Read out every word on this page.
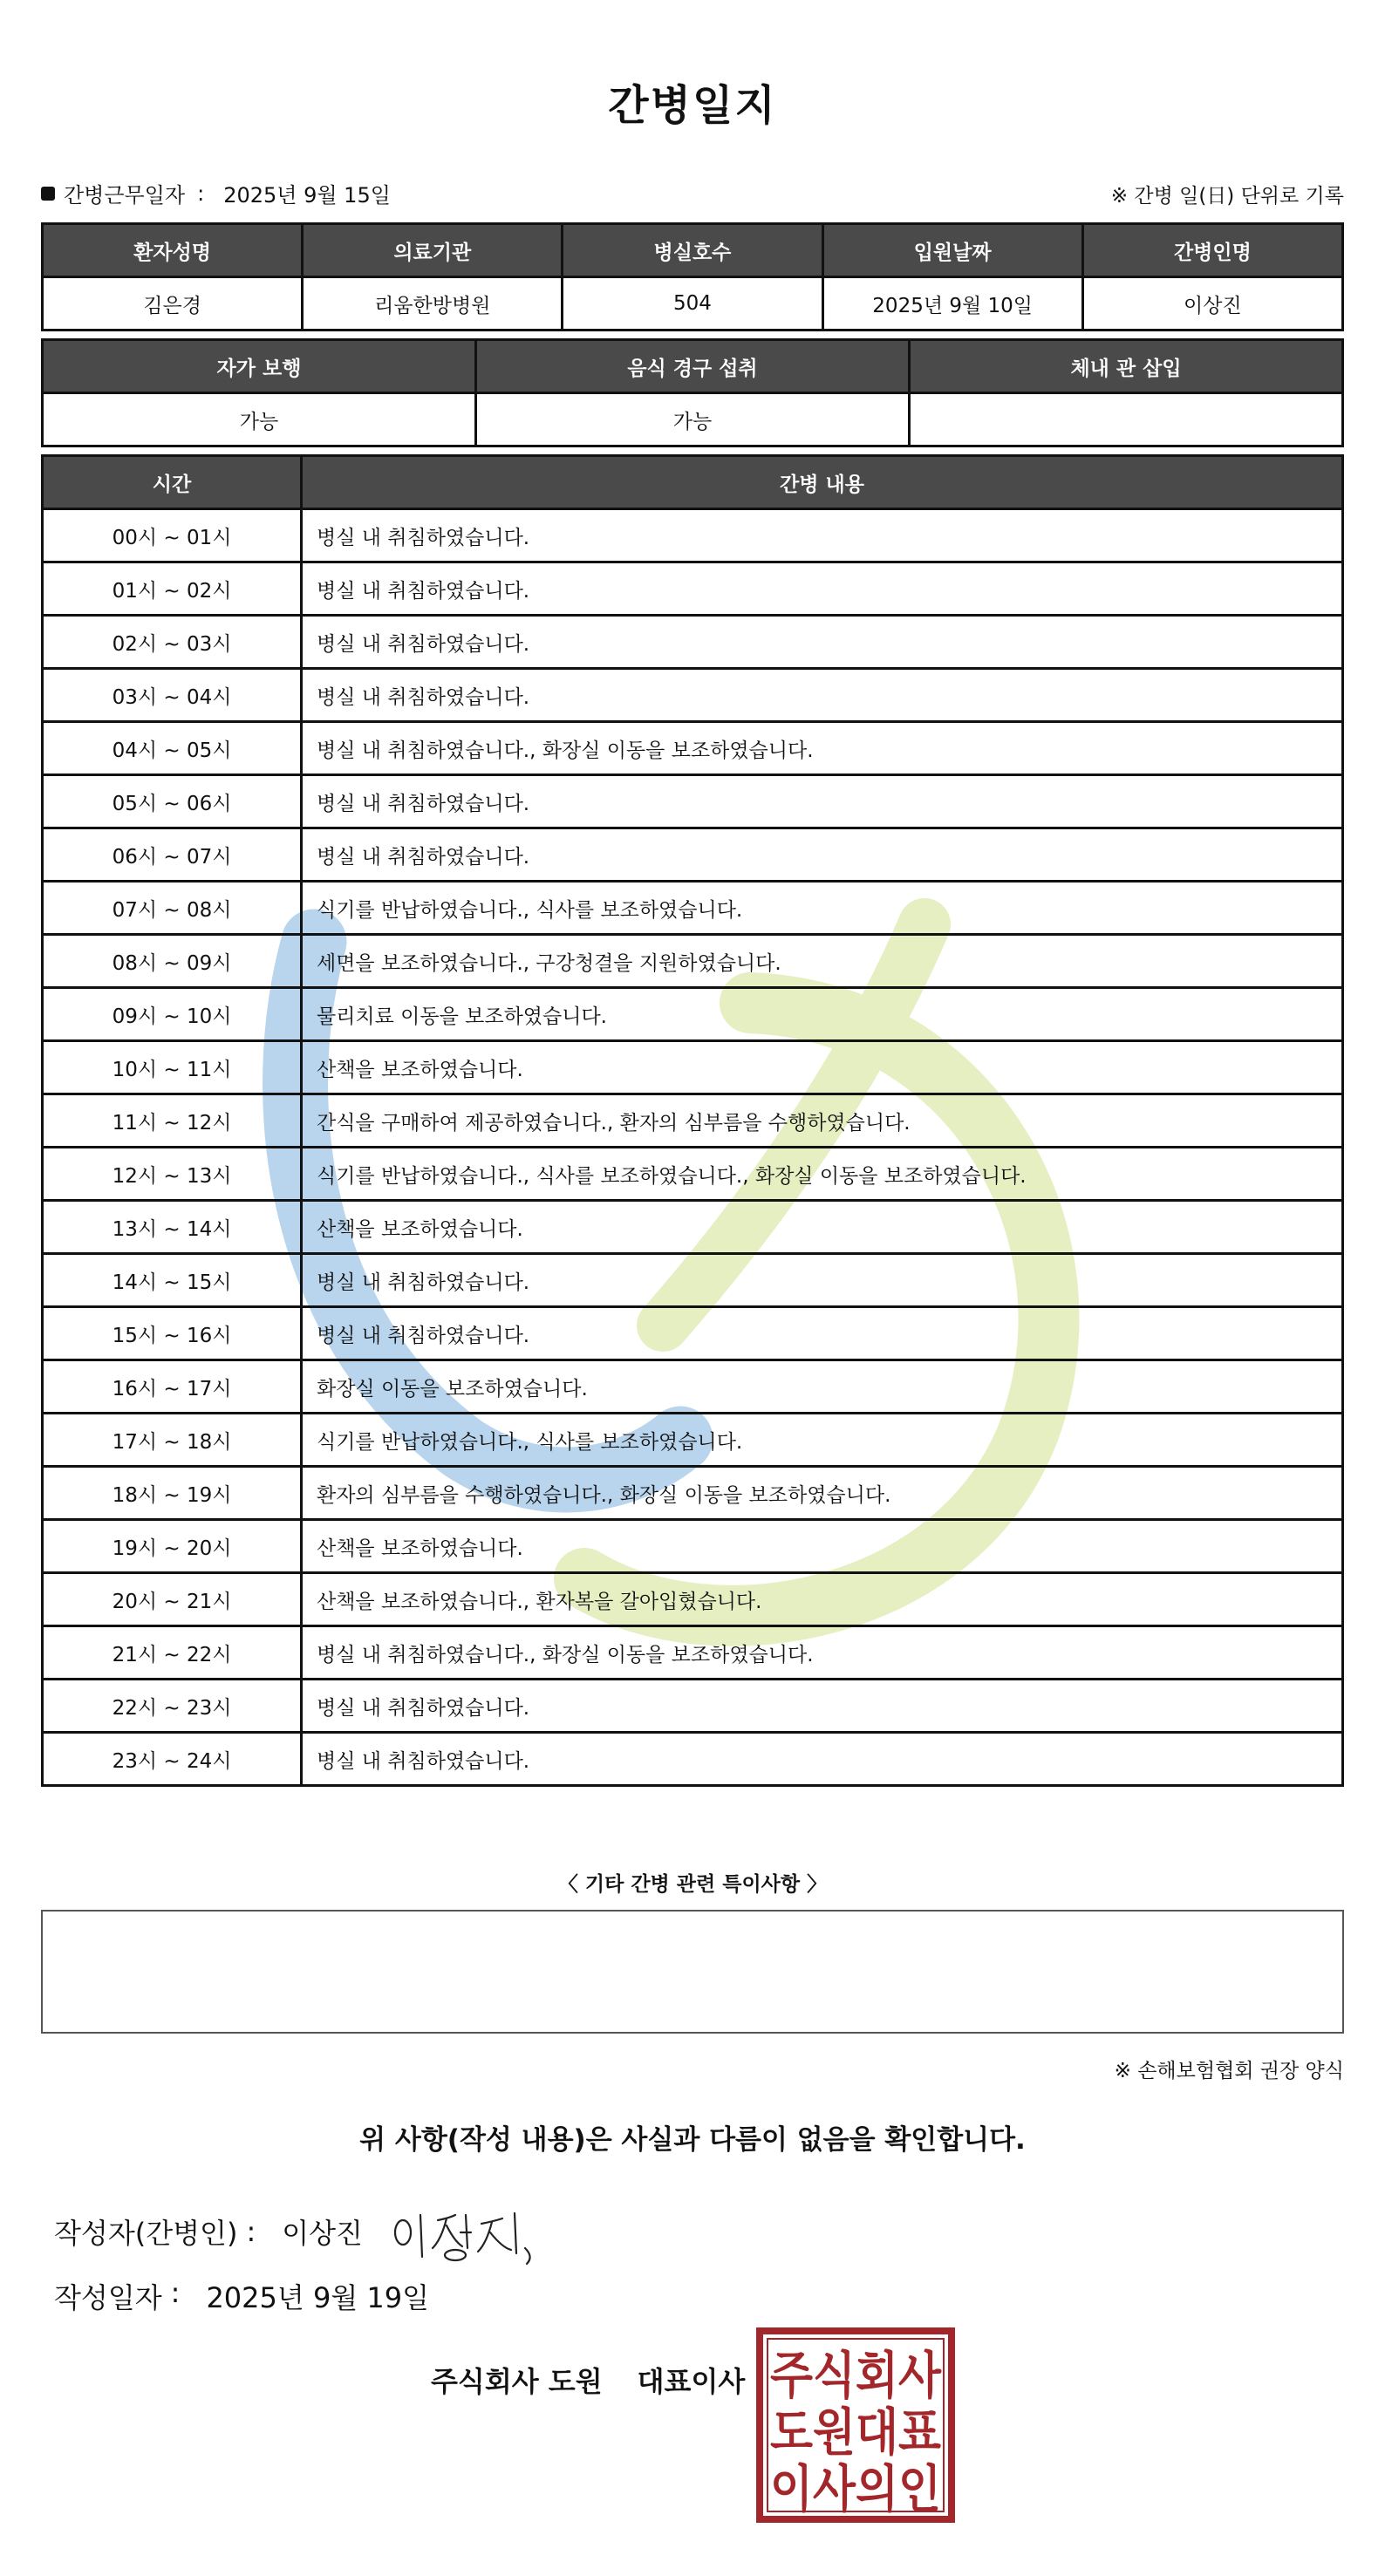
간병일지
간병근무일자 : 2025년 9월 15일	※ 간병 일(日) 단위로 기록
환자성명	의료기관	병실호수	입원날짜	간병인명
김은경	리움한방병원	504	2025년 9월 10일	이상진
자가 보행	음식 경구 섭취	체내 관 삽입
가능	가능	
시간	간병 내용
00시 ~ 01시	병실 내 취침하였습니다.
01시 ~ 02시	병실 내 취침하였습니다.
02시 ~ 03시	병실 내 취침하였습니다.
03시 ~ 04시	병실 내 취침하였습니다.
04시 ~ 05시	병실 내 취침하였습니다., 화장실 이동을 보조하였습니다.
05시 ~ 06시	병실 내 취침하였습니다.
06시 ~ 07시	병실 내 취침하였습니다.
07시 ~ 08시	식기를 반납하였습니다., 식사를 보조하였습니다.
08시 ~ 09시	세면을 보조하였습니다., 구강청결을 지원하였습니다.
09시 ~ 10시	물리치료 이동을 보조하였습니다.
10시 ~ 11시	산책을 보조하였습니다.
11시 ~ 12시	간식을 구매하여 제공하였습니다., 환자의 심부름을 수행하였습니다.
12시 ~ 13시	식기를 반납하였습니다., 식사를 보조하였습니다., 화장실 이동을 보조하였습니다.
13시 ~ 14시	산책을 보조하였습니다.
14시 ~ 15시	병실 내 취침하였습니다.
15시 ~ 16시	병실 내 취침하였습니다.
16시 ~ 17시	화장실 이동을 보조하였습니다.
17시 ~ 18시	식기를 반납하였습니다., 식사를 보조하였습니다.
18시 ~ 19시	환자의 심부름을 수행하였습니다., 화장실 이동을 보조하였습니다.
19시 ~ 20시	산책을 보조하였습니다.
20시 ~ 21시	산책을 보조하였습니다., 환자복을 갈아입혔습니다.
21시 ~ 22시	병실 내 취침하였습니다., 화장실 이동을 보조하였습니다.
22시 ~ 23시	병실 내 취침하였습니다.
23시 ~ 24시	병실 내 취침하였습니다.
〈 기타 간병 관련 특이사항 〉
※ 손해보험협회 권장 양식
위 사항(작성 내용)은 사실과 다름이 없음을 확인합니다.
작성자(간병인) : 이상진
작성일자 : 2025년 9월 19일
주식회사 도원 대표이사 주식회사
도원대표
이사의인
